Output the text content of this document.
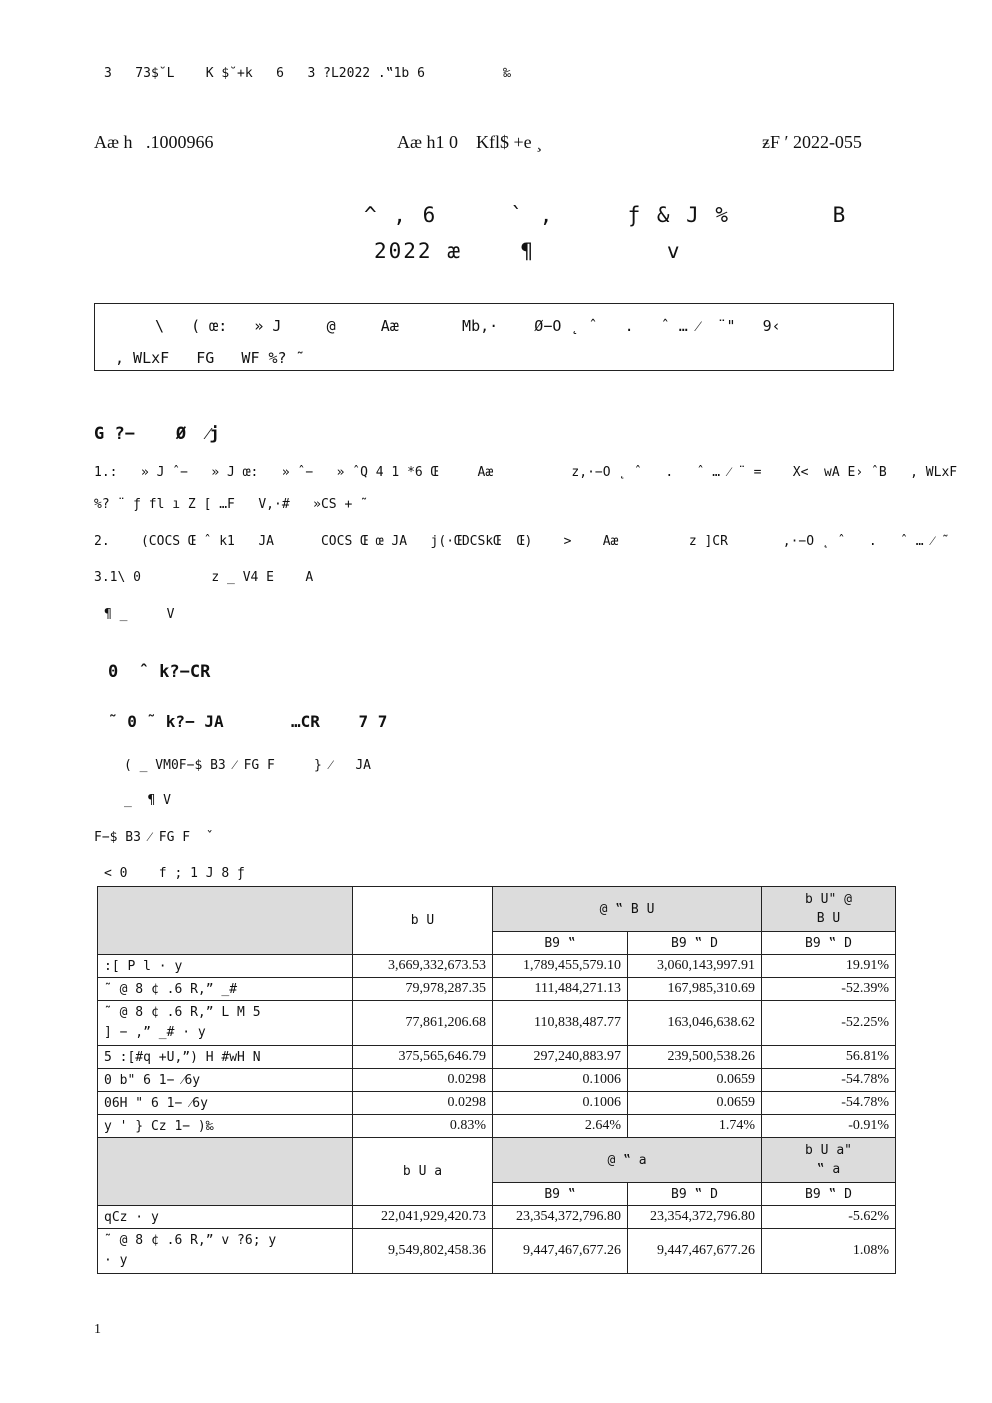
3   73$˘L    K $˘+k   6   3 ?L2022 .‟1b 6          ‰
Aæ h   .1000966	Aæ h1 0    Kfl$ +e ¸	ƶF ′ 2022-055
^ , 6     ` ,     ƒ & J %       B
2022 æ    ¶         v
\   ( œ:   » J     @     Aæ       Mb,·    Ø−O ˛ ˆ   .   ˆ … ⁄  ¨"   9‹
, WLxF   FG   WF %? ˜
G ?−    Ø  ⁄j
1.:   » J ˆ−   » J œ:   » ˆ−   » ˆQ 4 1 *6 Œ     Aæ          z,·−O ˛ ˆ   .   ˆ … ⁄ ¨ =    X<  wA E› ˆB   , WLxF
%? ¨ ƒ fl ı Z [ …F   V,·#   »CS + ˜
2.    (COCS Œ ˆ k1   JA      COCS Œ œ JA   j(·ŒDCSkŒ  Œ)    >    Aæ         z ]CR       ,·−O ˛ ˆ   .   ˆ … ⁄ ˜
3.1\ 0         z _ V4 E    A
¶ _     V
0  ˆ k?−CR
˜ 0 ˜ k?− JA       …CR    7 7
( _ VM0F−$ B3 ⁄ FG F     } ⁄   JA
_  ¶ V
F−$ B3 ⁄ FG F  ˇ
< 0    f ; 1 J 8 ƒ
	b U	@ ‟ B U		b U" @
B U

		B9 ‟	B9 ‟ D	B9 ‟ D
:[ P l · y	3,669,332,673.53	1,789,455,579.10	3,060,143,997.91	19.91%
˜ @ 8 ¢ .6 R,” _#	79,978,287.35	111,484,271.13	167,985,310.69	-52.39%

˜ @ 8 ¢ .6 R,” L M 5
] − ,” _# · y	77,861,206.68	110,838,487.77	163,046,638.62	-52.25%
5 :[#q +U,”) H #wH N	375,565,646.79	297,240,883.97	239,500,538.26	56.81%
0 b" 6 1− ⁄6y	0.0298	0.1006	0.0659	-54.78%
06H " 6 1− ⁄6y	0.0298	0.1006	0.0659	-54.78%
y ' } Cz 1− )‰	0.83%	2.64%	1.74%	-0.91%
	b U a	@ ‟ a		b U a"
‟ a

		B9 ‟	B9 ‟ D	B9 ‟ D
qCz · y	22,041,929,420.73	23,354,372,796.80	23,354,372,796.80	-5.62%

˜ @ 8 ¢ .6 R,” v ?6; y
· y	9,549,802,458.36	9,447,467,677.26	9,447,467,677.26	1.08%
1
